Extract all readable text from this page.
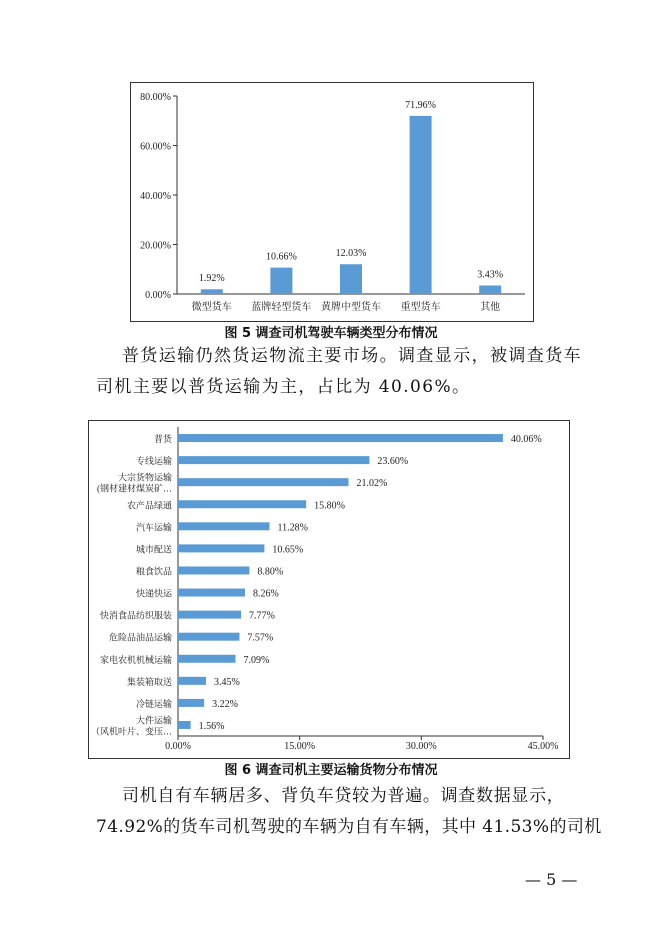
0.00%
20.00%
40.00%
60.00%
80.00%
1.92%
微型货车
10.66%
蓝牌轻型货车
12.03%
黄牌中型货车
71.96%
重型货车
3.43%
其他
图 5 调查司机驾驶车辆类型分布情况
普货运输仍然货运物流主要市场。调查显示，被调查货车
司机主要以普货运输为主，占比为 40.06%。
0.00%	15.00%	30.00%	45.00%
40.06%
普货
23.60%
专线运输
21.02%
大宗货物运输
(钢材建材煤炭矿…
15.80%
农产品绿通
11.28%
汽车运输
10.65%
城市配送
8.80%
粮食饮品
8.26%
快递快运
7.77%
快消食品纺织服装
7.57%
危险品油品运输
7.09%
家电农机机械运输
3.45%
集装箱取送
3.22%
冷链运输
1.56%
大件运输
（风机叶片、变压…
图 6 调查司机主要运输货物分布情况
司机自有车辆居多、背负车贷较为普遍。调查数据显示，
74.92%的货车司机驾驶的车辆为自有车辆，其中 41.53%的司机
— 5 —
